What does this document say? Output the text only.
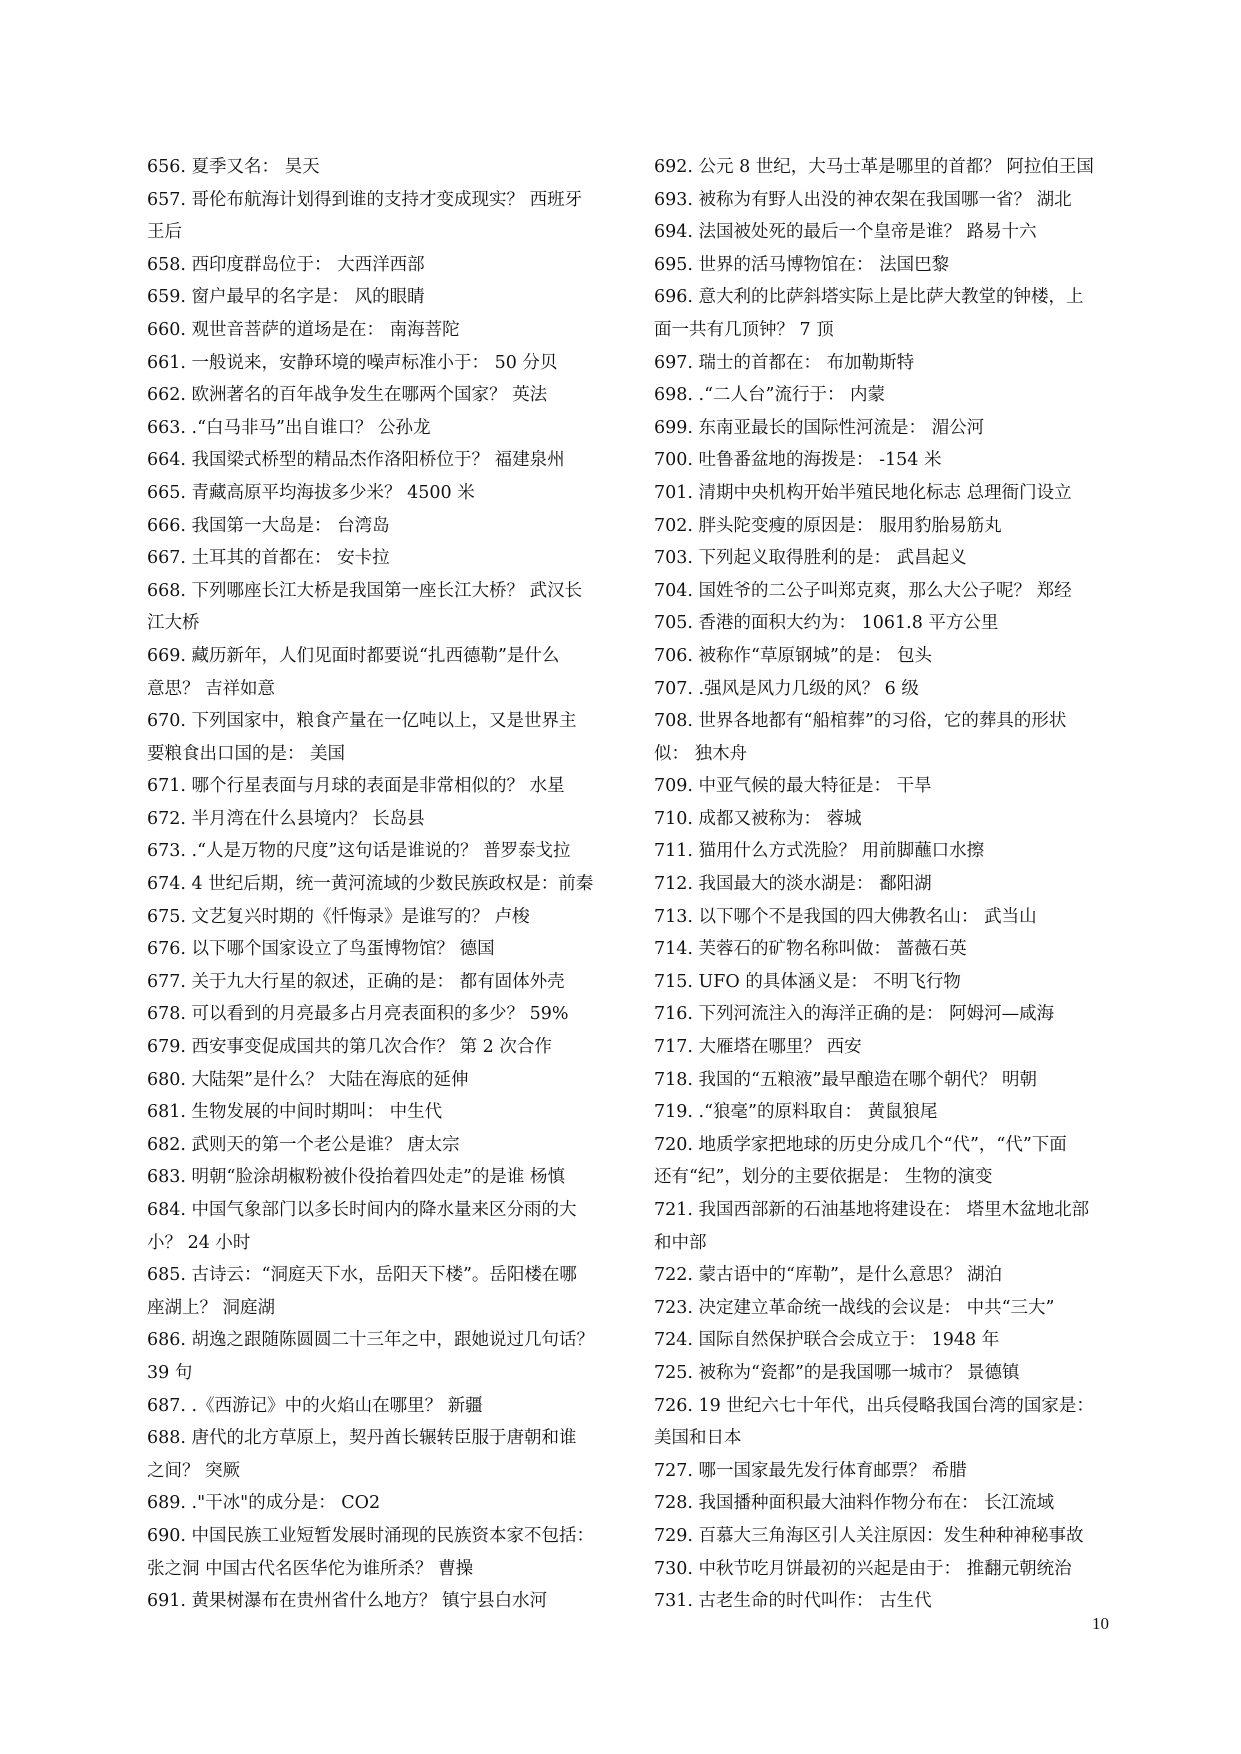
656. 夏季又名： 昊天
657. 哥伦布航海计划得到谁的支持才变成现实？ 西班牙
王后
658. 西印度群岛位于： 大西洋西部
659. 窗户最早的名字是： 风的眼睛
660. 观世音菩萨的道场是在： 南海菩陀
661. 一般说来，安静环境的噪声标准小于： 50 分贝
662. 欧洲著名的百年战争发生在哪两个国家？ 英法
663. .“白马非马”出自谁口？ 公孙龙
664. 我国梁式桥型的精品杰作洛阳桥位于？ 福建泉州
665. 青藏高原平均海拔多少米？ 4500 米
666. 我国第一大岛是： 台湾岛
667. 土耳其的首都在： 安卡拉
668. 下列哪座长江大桥是我国第一座长江大桥？ 武汉长
江大桥
669. 藏历新年，人们见面时都要说“扎西德勒”是什么
意思？ 吉祥如意
670. 下列国家中，粮食产量在一亿吨以上，又是世界主
要粮食出口国的是： 美国
671. 哪个行星表面与月球的表面是非常相似的？ 水星
672. 半月湾在什么县境内？ 长岛县
673. .“人是万物的尺度”这句话是谁说的？ 普罗泰戈拉
674. 4 世纪后期，统一黄河流域的少数民族政权是：前秦
675. 文艺复兴时期的《忏悔录》是谁写的？ 卢梭
676. 以下哪个国家设立了鸟蛋博物馆？ 德国
677. 关于九大行星的叙述，正确的是： 都有固体外壳
678. 可以看到的月亮最多占月亮表面积的多少？ 59%
679. 西安事变促成国共的第几次合作？ 第 2 次合作
680. 大陆架”是什么？ 大陆在海底的延伸
681. 生物发展的中间时期叫： 中生代
682. 武则天的第一个老公是谁？ 唐太宗
683. 明朝“脸涂胡椒粉被仆役抬着四处走”的是谁 杨慎
684. 中国气象部门以多长时间内的降水量来区分雨的大
小？ 24 小时
685. 古诗云：“洞庭天下水，岳阳天下楼”。岳阳楼在哪
座湖上？ 洞庭湖
686. 胡逸之跟随陈圆圆二十三年之中，跟她说过几句话？
39 句
687. .《西游记》中的火焰山在哪里？ 新疆
688. 唐代的北方草原上，契丹酋长辗转臣服于唐朝和谁
之间？ 突厥
689. ."干冰"的成分是： CO2
690. 中国民族工业短暂发展时涌现的民族资本家不包括：
张之洞 中国古代名医华佗为谁所杀？ 曹操
691. 黄果树瀑布在贵州省什么地方？ 镇宁县白水河
692. 公元 8 世纪，大马士革是哪里的首都？ 阿拉伯王国
693. 被称为有野人出没的神农架在我国哪一省？ 湖北
694. 法国被处死的最后一个皇帝是谁？ 路易十六
695. 世界的活马博物馆在： 法国巴黎
696. 意大利的比萨斜塔实际上是比萨大教堂的钟楼，上
面一共有几顶钟？ 7 顶
697. 瑞士的首都在： 布加勒斯特
698. .“二人台”流行于： 内蒙
699. 东南亚最长的国际性河流是： 湄公河
700. 吐鲁番盆地的海拨是： -154 米
701. 清期中央机构开始半殖民地化标志 总理衙门设立
702. 胖头陀变瘦的原因是： 服用豹胎易筋丸
703. 下列起义取得胜利的是： 武昌起义
704. 国姓爷的二公子叫郑克爽，那么大公子呢？ 郑经
705. 香港的面积大约为： 1061.8 平方公里
706. 被称作“草原钢城”的是： 包头
707. .强风是风力几级的风？ 6 级
708. 世界各地都有“船棺葬”的习俗，它的葬具的形状
似： 独木舟
709. 中亚气候的最大特征是： 干旱
710. 成都又被称为： 蓉城
711. 猫用什么方式洗脸？ 用前脚蘸口水擦
712. 我国最大的淡水湖是： 鄱阳湖
713. 以下哪个不是我国的四大佛教名山： 武当山
714. 芙蓉石的矿物名称叫做： 蔷薇石英
715. UFO 的具体涵义是： 不明飞行物
716. 下列河流注入的海洋正确的是： 阿姆河—咸海
717. 大雁塔在哪里？ 西安
718. 我国的“五粮液”最早酿造在哪个朝代？ 明朝
719. .“狼毫”的原料取自： 黄鼠狼尾
720. 地质学家把地球的历史分成几个“代”，“代”下面
还有“纪”，划分的主要依据是： 生物的演变
721. 我国西部新的石油基地将建设在： 塔里木盆地北部
和中部
722. 蒙古语中的“库勒”，是什么意思？ 湖泊
723. 决定建立革命统一战线的会议是： 中共“三大”
724. 国际自然保护联合会成立于： 1948 年
725. 被称为“瓷都”的是我国哪一城市？ 景德镇
726. 19 世纪六七十年代，出兵侵略我国台湾的国家是：
美国和日本
727. 哪一国家最先发行体育邮票？ 希腊
728. 我国播种面积最大油料作物分布在： 长江流域
729. 百慕大三角海区引人关注原因：发生种种神秘事故
730. 中秋节吃月饼最初的兴起是由于： 推翻元朝统治
731. 古老生命的时代叫作： 古生代
10
